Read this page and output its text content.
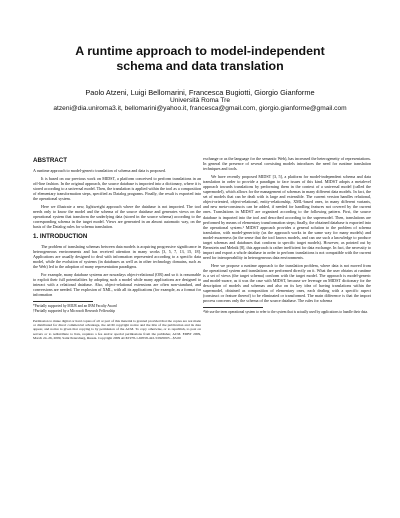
A runtime approach to model-independent
schema and data translation
Paolo Atzeni, Luigi Bellomarini, Francesca Bugiotti, Giorgio Gianforme
Università Roma Tre
atzeni@dia.uniroma3.it, bellomarini@yahoo.it, francesca@gmail.com, giorgio.gianforme@gmail.com
ABSTRACT

A runtime approach to model-generic translation of schema and data is proposed.

It is based on our previous work on MIDST, a platform conceived to perform translations in an off-line fashion. In the original approach, the source database is imported into a dictionary, where it is stored according to a universal model. Then, the translation is applied within the tool as a composition of elementary transformation steps, specified as Datalog programs. Finally, the result is exported into the operational system.

Here we illustrate a new, lightweight approach where the database is not imported. The tool needs only to know the model and the schema of the source database and generates views on the operational system that transform the underlying data (stored in the source schema) according to the corresponding schema in the target model. Views are generated in an almost automatic way, on the basis of the Datalog rules for schema translation.

1. INTRODUCTION

The problem of translating schemas between data models is acquiring progressive significance in heterogeneous environments and has received attention in many works [3, 5, 7, 13, 15, 18]. Applications are usually designed to deal with information represented according to a specific data model, while the evolution of systems (in databases as well as in other technology domains, such as the Web) led to the adoption of many representation paradigms.

For example, many database systems are nowadays object-relational (OR) and so it is reasonable to exploit their full potentialities by adopting such a model while many applications are designed to interact with a relational database. Also, object-relational extensions are often non-standard, and conversions are needed. The explosion of XML, with all its applications (for example, as a format for information

*Partially supported by MIUR and an IBM Faculty Award

†Partially supported by a Microsoft Research Fellowship

Permission to make digital or hard copies of all or part of this material is granted provided that the copies are not made or distributed for direct commercial advantage, the ACM copyright notice and the title of the publication and its date appear, and notice is given that copying is by permission of the ACM. To copy otherwise, or to republish, to post on servers or to redistribute to lists, requires a fee and/or special permissions from the publisher, ACM. EDBT 2009, March 24–26, 2009, Saint Petersburg, Russia. Copyright 2009 ACM 978-1-60558-422-5/09/0003 ...$5.00

exchange or as the language for the semantic Web), has increased the heterogeneity of representations. In general the presence of several coexisting models introduces the need for runtime translation techniques and tools.

We have recently proposed MIDST [3, 5], a platform for model-independent schema and data translation in order to provide a paradigm to face issues of this kind. MIDST adopts a metalevel approach towards translations by performing them in the context of a universal model (called the supermodel), which allows for the management of schemas in many different data models. In fact, the set of models that can be dealt with is large and extensible. The current version handles relational, object-oriented, object-relational, entity-relationship, XML-based ones, in many different variants, and new meta-constructs can be added, if needed for handling features not covered by the current ones. Translations in MIDST are organized according to the following pattern. First, the source database is imported into the tool and described according to the supermodel. Then, translations are performed by means of elementary transformation steps; finally, the obtained database is exported into the operational system.¹ MIDST approach provides a general solution to the problem of schema translation, with model-genericity (as the approach works in the same way for many models) and model-awareness (in the sense that the tool knows models, and can use such a knowledge to produce target schemas and databases that conform to specific target models). However, as pointed out by Bernstein and Melnik [8], this approach is rather inefficient for data exchange. In fact, the necessity to import and export a whole database in order to perform translations is not compatible with the current need for interoperability in heterogeneous data environments.

Here we propose a runtime approach to the translation problem, where data is not moved from the operational system and translations are performed directly on it. What the user obtains at runtime is a set of views (the target schema) conform with the target model. The approach is model-generic and model-aware, as it was the case with MIDST, because we leverage on MIDST dictionary for the description of models and schemas and also on its key idea of having translations within the supermodel, obtained as composition of elementary ones, each dealing with a specific aspect (construct or feature thereof) to be eliminated or transformed. The main difference is that the import process concerns only the schema of the source database. The rules for schema

¹We use the term operational system to refer to the system that is actually used by applications to handle their data.
